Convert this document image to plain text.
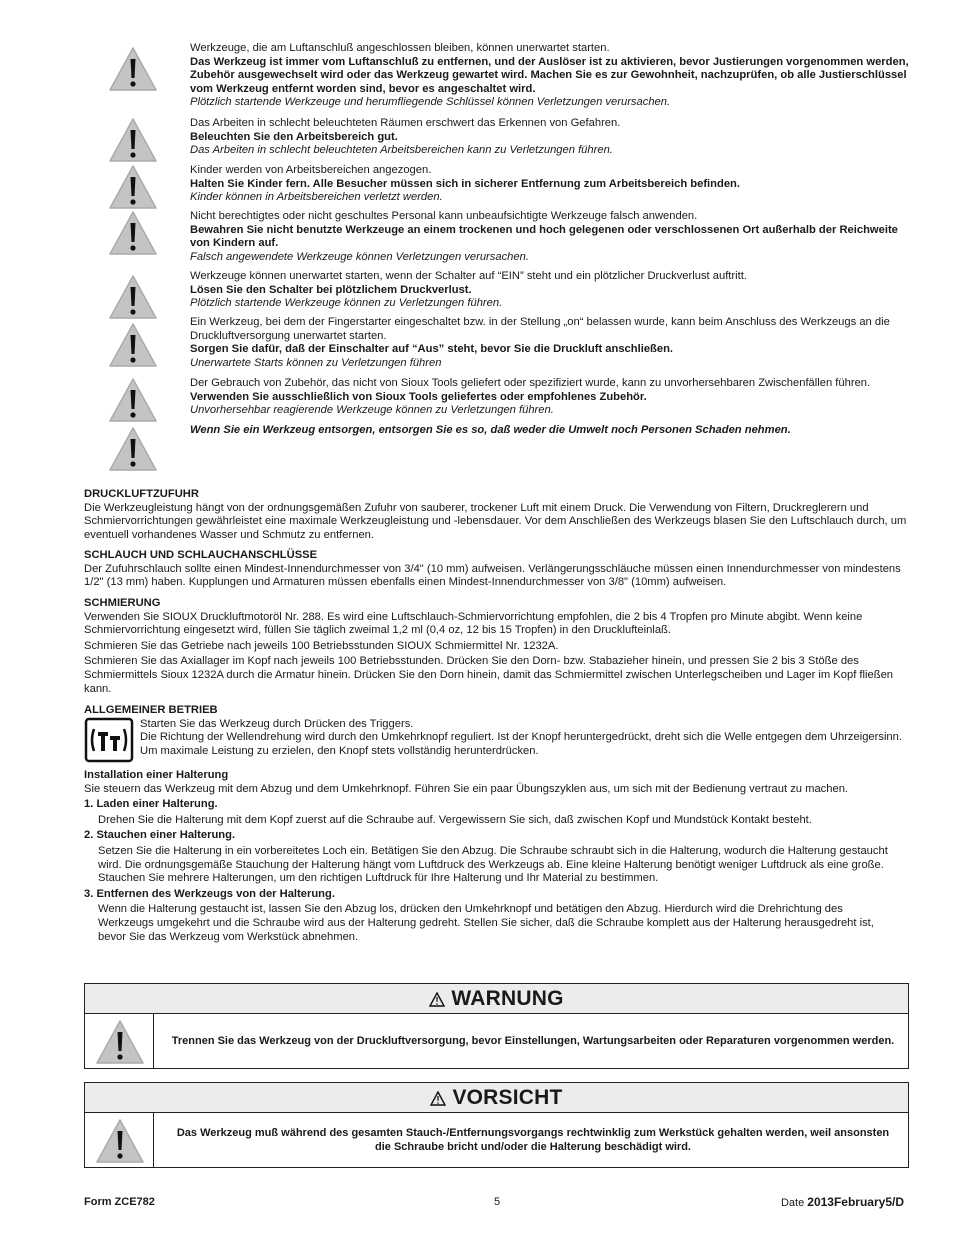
Werkzeuge, die am Luftanschluß angeschlossen bleiben, können unerwartet starten.
Das Werkzeug ist immer vom Luftanschluß zu entfernen, und der Auslöser ist zu aktivieren, bevor Justierungen vorgenommen werden, Zubehör ausgewechselt wird oder das Werkzeug gewartet wird. Machen Sie es zur Gewohnheit, nachzuprüfen, ob alle Justierschlüssel vom Werkzeug entfernt worden sind, bevor es angeschaltet wird.
Plötzlich startende Werkzeuge und herumfliegende Schlüssel können Verletzungen verursachen.
Das Arbeiten in schlecht beleuchteten Räumen erschwert das Erkennen von Gefahren.
Beleuchten Sie den Arbeitsbereich gut.
Das Arbeiten in schlecht beleuchteten Arbeitsbereichen kann zu Verletzungen führen.
Kinder werden von Arbeitsbereichen angezogen.
Halten Sie Kinder fern. Alle Besucher müssen sich in sicherer Entfernung zum Arbeitsbereich befinden.
Kinder können in Arbeitsbereichen verletzt werden.
Nicht berechtigtes oder nicht geschultes Personal kann unbeaufsichtigte Werkzeuge falsch anwenden.
Bewahren Sie nicht benutzte Werkzeuge an einem trockenen und hoch gelegenen oder verschlossenen Ort außerhalb der Reichweite von Kindern auf.
Falsch angewendete Werkzeuge können Verletzungen verursachen.
Werkzeuge können unerwartet starten, wenn der Schalter auf “EIN” steht und ein plötzlicher Druckverlust auftritt.
Lösen Sie den Schalter bei plötzlichem Druckverlust.
Plötzlich startende Werkzeuge können zu Verletzungen führen.
Ein Werkzeug, bei dem der Fingerstarter eingeschaltet bzw. in der Stellung „on“ belassen wurde, kann beim Anschluss des Werkzeugs an die Druckluftversorgung unerwartet starten.
Sorgen Sie dafür, daß der Einschalter auf “Aus” steht, bevor Sie die Druckluft anschließen.
Unerwartete Starts können zu Verletzungen führen
Der Gebrauch von Zubehör, das nicht von Sioux Tools geliefert oder spezifiziert wurde, kann zu unvorhersehbaren Zwischenfällen führen.
Verwenden Sie ausschließlich von Sioux Tools geliefertes oder empfohlenes Zubehör.
Unvorhersehbar reagierende Werkzeuge können zu Verletzungen führen.
Wenn Sie ein Werkzeug entsorgen, entsorgen Sie es so, daß weder die Umwelt noch Personen Schaden nehmen.
DRUCKLUFTZUFUHR
Die Werkzeugleistung hängt von der ordnungsgemäßen Zufuhr von sauberer, trockener Luft mit einem Druck. Die Verwendung von Filtern, Druckreglerern und Schmiervorrichtungen gewährleistet eine maximale Werkzeugleistung und -lebensdauer. Vor dem Anschließen des Werkzeugs blasen Sie den Luftschlauch durch, um eventuell vorhandenes Wasser und Schmutz zu entfernen.
SCHLAUCH UND SCHLAUCHANSCHLÜSSE
Der Zufuhrschlauch sollte einen Mindest-Innendurchmesser von 3/4" (10 mm) aufweisen. Verlängerungsschläuche müssen einen Innendurchmesser von mindestens 1/2" (13 mm) haben. Kupplungen und Armaturen müssen ebenfalls einen Mindest-Innendurchmesser von 3/8" (10mm) aufweisen.
SCHMIERUNG
Verwenden Sie SIOUX Druckluftmotoröl Nr. 288. Es wird eine Luftschlauch-Schmiervorrichtung empfohlen, die 2 bis 4 Tropfen pro Minute abgibt. Wenn keine Schmiervorrichtung eingesetzt wird, füllen Sie täglich zweimal 1,2 ml (0,4 oz, 12 bis 15 Tropfen) in den Drucklufteinlaß.
Schmieren Sie das Getriebe nach jeweils 100 Betriebsstunden SIOUX Schmiermittel Nr. 1232A.
Schmieren Sie das Axiallager im Kopf nach jeweils 100 Betriebsstunden. Drücken Sie den Dorn- bzw. Stabazieher hinein, und pressen Sie 2 bis 3 Stöße des Schmiermittels Sioux 1232A durch die Armatur hinein. Drücken Sie den Dorn hinein, damit das Schmiermittel zwischen Unterlegscheiben und Lager im Kopf fließen kann.
ALLGEMEINER BETRIEB
Starten Sie das Werkzeug durch Drücken des Triggers.
Die Richtung der Wellendrehung wird durch den Umkehrknopf reguliert. Ist der Knopf heruntergedrückt, dreht sich die Welle entgegen dem Uhrzeigersinn. Um maximale Leistung zu erzielen, den Knopf stets vollständig herunterdrücken.
Installation einer Halterung
Sie steuern das Werkzeug mit dem Abzug und dem Umkehrknopf. Führen Sie ein paar Übungszyklen aus, um sich mit der Bedienung vertraut zu machen.
1. Laden einer Halterung.
Drehen Sie die Halterung mit dem Kopf zuerst auf die Schraube auf. Vergewissern Sie sich, daß zwischen Kopf und Mundstück Kontakt besteht.
2. Stauchen einer Halterung.
Setzen Sie die Halterung in ein vorbereitetes Loch ein. Betätigen Sie den Abzug. Die Schraube schraubt sich in die Halterung, wodurch die Halterung gestaucht wird. Die ordnungsgemäße Stauchung der Halterung hängt vom Luftdruck des Werkzeugs ab. Eine kleine Halterung benötigt weniger Luftdruck als eine große. Stauchen Sie mehrere Halterungen, um den richtigen Luftdruck für Ihre Halterung und Ihr Material zu bestimmen.
3. Entfernen des Werkzeugs von der Halterung.
Wenn die Halterung gestaucht ist, lassen Sie den Abzug los, drücken den Umkehrknopf und betätigen den Abzug. Hierdurch wird die Drehrichtung des Werkzeugs umgekehrt und die Schraube wird aus der Halterung gedreht. Stellen Sie sicher, daß die Schraube komplett aus der Halterung herausgedreht ist, bevor Sie das Werkzeug vom Werkstück abnehmen.
WARNUNG
Trennen Sie das Werkzeug von der Druckluftversorgung, bevor Einstellungen, Wartungsarbeiten oder Reparaturen vorgenommen werden.
VORSICHT
Das Werkzeug muß während des gesamten Stauch-/Entfernungsvorgangs rechtwinklig zum Werkstück gehalten werden, weil ansonsten die Schraube bricht und/oder die Halterung beschädigt wird.
Form ZCE782	5	Date 2013February5/D
